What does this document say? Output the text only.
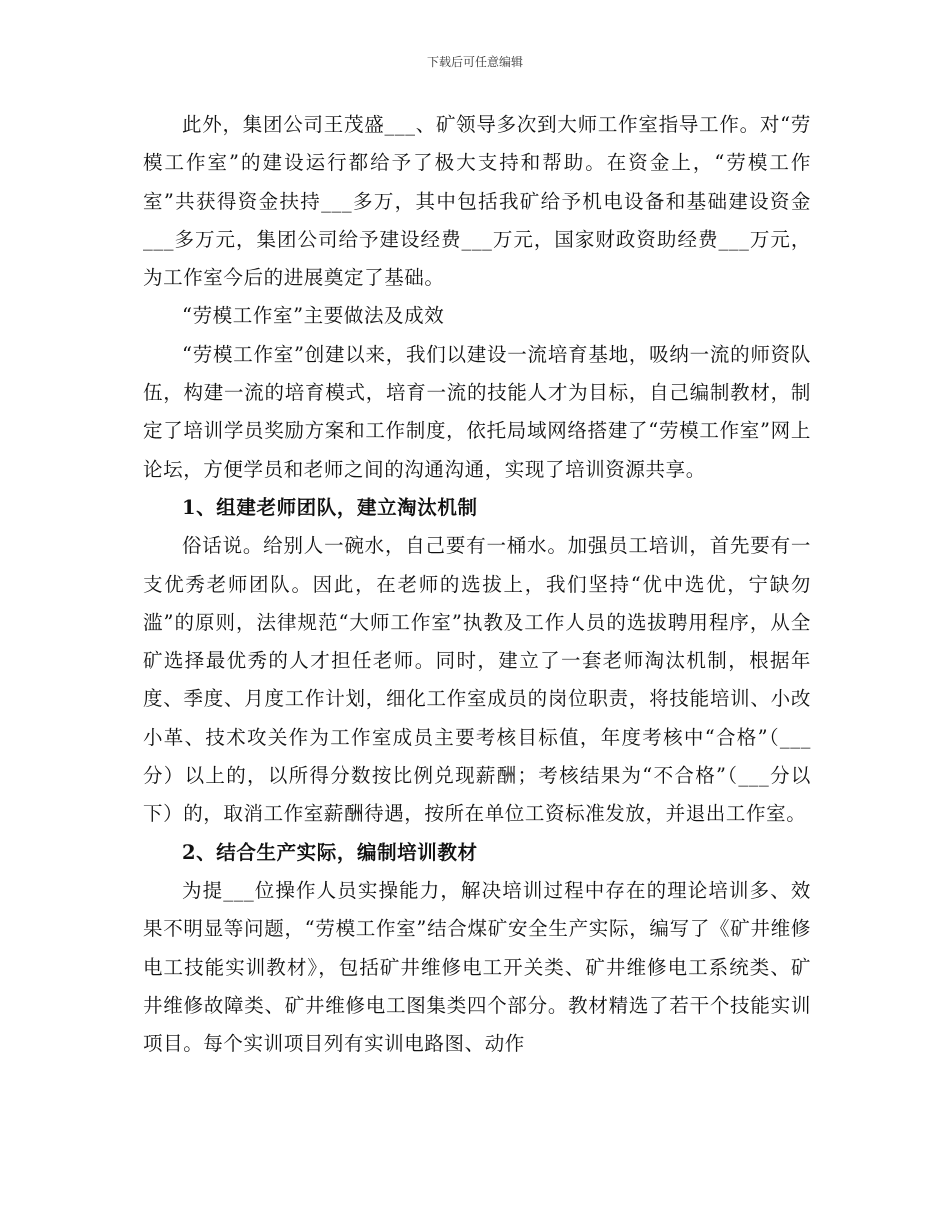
下载后可任意编辑

此外，集团公司王茂盛___、矿领导多次到大师工作室指导工作。对“劳模工作室”的建设运行都给予了极大支持和帮助。在资金上，“劳模工作室”共获得资金扶持___多万，其中包括我矿给予机电设备和基础建设资金___多万元，集团公司给予建设经费___万元，国家财政资助经费___万元，为工作室今后的进展奠定了基础。

“劳模工作室”主要做法及成效

“劳模工作室”创建以来，我们以建设一流培育基地，吸纳一流的师资队伍，构建一流的培育模式，培育一流的技能人才为目标，自己编制教材，制定了培训学员奖励方案和工作制度，依托局域网络搭建了“劳模工作室”网上论坛，方便学员和老师之间的沟通沟通，实现了培训资源共享。

1、组建老师团队，建立淘汰机制

俗话说。给别人一碗水，自己要有一桶水。加强员工培训，首先要有一支优秀老师团队。因此，在老师的选拔上，我们坚持“优中选优，宁缺勿滥”的原则，法律规范“大师工作室”执教及工作人员的选拔聘用程序，从全矿选择最优秀的人才担任老师。同时，建立了一套老师淘汰机制，根据年度、季度、月度工作计划，细化工作室成员的岗位职责，将技能培训、小改小革、技术攻关作为工作室成员主要考核目标值，年度考核中“合格”（___分）以上的，以所得分数按比例兑现薪酬；考核结果为“不合格”（___分以下）的，取消工作室薪酬待遇，按所在单位工资标准发放，并退出工作室。

2、结合生产实际，编制培训教材

为提___位操作人员实操能力，解决培训过程中存在的理论培训多、效果不明显等问题，“劳模工作室”结合煤矿安全生产实际，编写了《矿井维修电工技能实训教材》，包括矿井维修电工开关类、矿井维修电工系统类、矿井维修故障类、矿井维修电工图集类四个部分。教材精选了若干个技能实训项目。每个实训项目列有实训电路图、动作
